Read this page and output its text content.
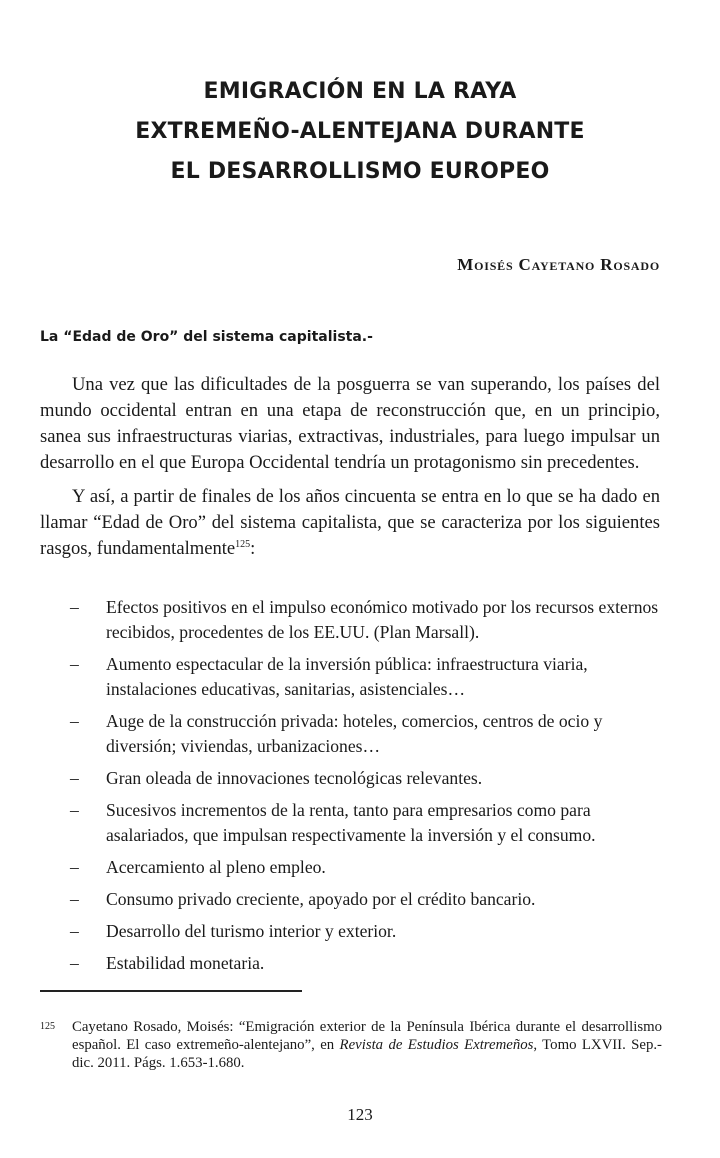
EMIGRACIÓN EN LA RAYA
EXTREMEÑO-ALENTEJANA DURANTE
EL DESARROLLISMO EUROPEO
Moisés Cayetano Rosado
La “Edad de Oro” del sistema capitalista.-

Una vez que las dificultades de la posguerra se van superando, los países del mundo occidental entran en una etapa de reconstrucción que, en un principio, sanea sus infraestructuras viarias, extractivas, industriales, para luego impulsar un desarrollo en el que Europa Occidental tendría un protagonismo sin precedentes.

Y así, a partir de finales de los años cincuenta se entra en lo que se ha dado en llamar “Edad de Oro” del sistema capitalista, que se caracteriza por los siguientes rasgos, fundamentalmente$^{125}$:

– Efectos positivos en el impulso económico motivado por los recursos externos recibidos, procedentes de los EE.UU. (Plan Marsall).
– Aumento espectacular de la inversión pública: infraestructura viaria, instalaciones educativas, sanitarias, asistenciales…
– Auge de la construcción privada: hoteles, comercios, centros de ocio y diversión; viviendas, urbanizaciones…
– Gran oleada de innovaciones tecnológicas relevantes.
– Sucesivos incrementos de la renta, tanto para empresarios como para asalariados, que impulsan respectivamente la inversión y el consumo.
– Acercamiento al pleno empleo.
– Consumo privado creciente, apoyado por el crédito bancario.
– Desarrollo del turismo interior y exterior.
– Estabilidad monetaria.
125 Cayetano Rosado, Moisés: “Emigración exterior de la Península Ibérica durante el desarrollismo español. El caso extremeño-alentejano”, en Revista de Estudios Extremeños, Tomo LXVII. Sep.-dic. 2011. Págs. 1.653-1.680.
123
